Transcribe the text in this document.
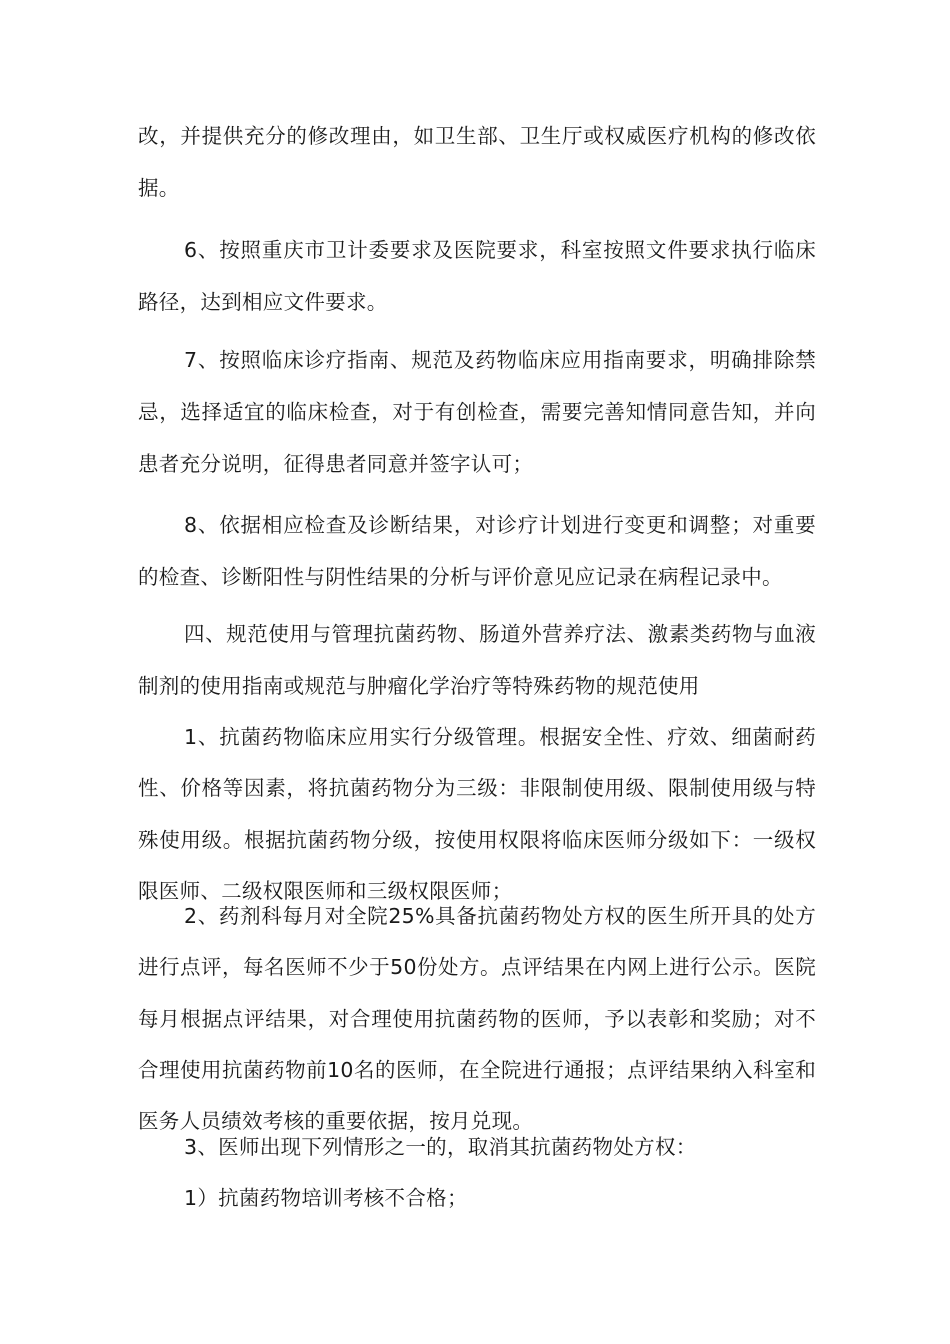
改，并提供充分的修改理由，如卫生部、卫生厅或权威医疗机构的修改依据。

6、按照重庆市卫计委要求及医院要求，科室按照文件要求执行临床路径，达到相应文件要求。

7、按照临床诊疗指南、规范及药物临床应用指南要求，明确排除禁忌，选择适宜的临床检查，对于有创检查，需要完善知情同意告知，并向患者充分说明，征得患者同意并签字认可；

8、依据相应检查及诊断结果，对诊疗计划进行变更和调整；对重要的检查、诊断阳性与阴性结果的分析与评价意见应记录在病程记录中。

四、规范使用与管理抗菌药物、肠道外营养疗法、激素类药物与血液制剂的使用指南或规范与肿瘤化学治疗等特殊药物的规范使用

1、抗菌药物临床应用实行分级管理。根据安全性、疗效、细菌耐药性、价格等因素，将抗菌药物分为三级：非限制使用级、限制使用级与特殊使用级。根据抗菌药物分级，按使用权限将临床医师分级如下：一级权限医师、二级权限医师和三级权限医师；

2、药剂科每月对全院25%具备抗菌药物处方权的医生所开具的处方进行点评，每名医师不少于50份处方。点评结果在内网上进行公示。医院每月根据点评结果，对合理使用抗菌药物的医师，予以表彰和奖励；对不合理使用抗菌药物前10名的医师，在全院进行通报；点评结果纳入科室和医务人员绩效考核的重要依据，按月兑现。

3、医师出现下列情形之一的，取消其抗菌药物处方权：

1）抗菌药物培训考核不合格；
